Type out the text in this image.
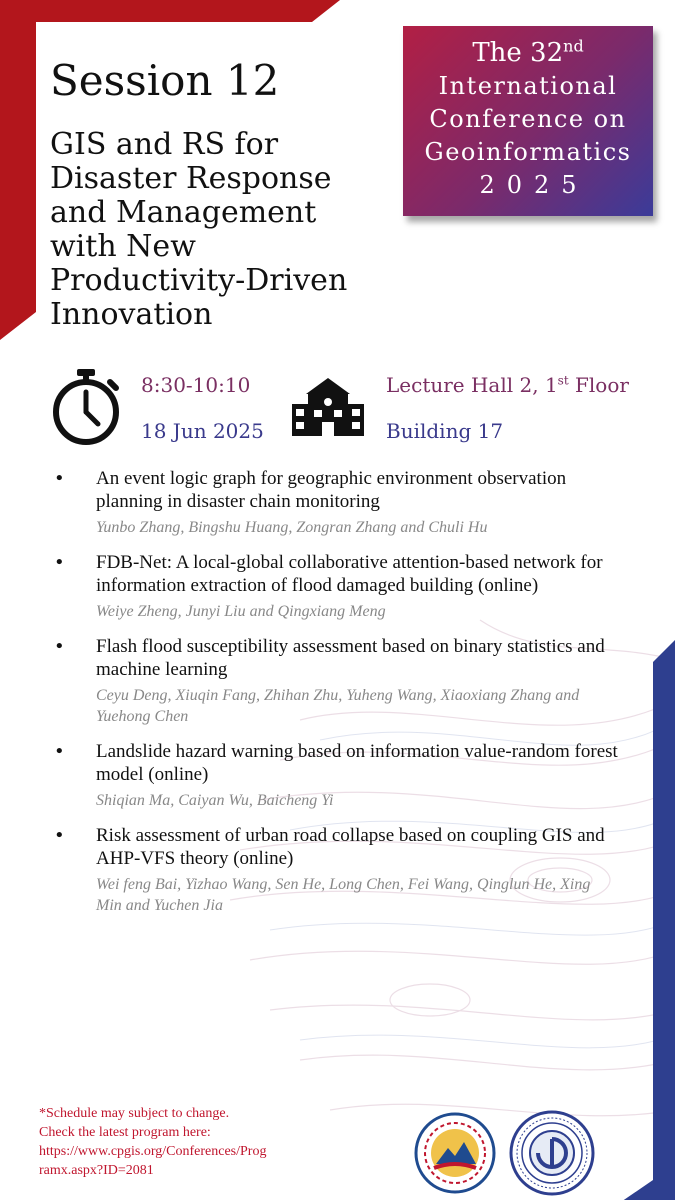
The 32nd
International
Conference on
Geoinformatics
2025
Session 12
GIS and RS for Disaster Response and Management with New Productivity-Driven Innovation
8:30-10:10
18 Jun 2025
Lecture Hall 2, 1st Floor
Building 17
• An event logic graph for geographic environment observation planning in disaster chain monitoring
Yunbo Zhang, Bingshu Huang, Zongran Zhang and Chuli Hu
• FDB-Net: A local-global collaborative attention-based network for information extraction of flood damaged building (online)
Weiye Zheng, Junyi Liu and Qingxiang Meng
• Flash flood susceptibility assessment based on binary statistics and machine learning
Ceyu Deng, Xiuqin Fang, Zhihan Zhu, Yuheng Wang, Xiaoxiang Zhang and Yuehong Chen
• Landslide hazard warning based on information value-random forest model (online)
Shiqian Ma, Caiyan Wu, Baicheng Yi
• Risk assessment of urban road collapse based on coupling GIS and AHP-VFS theory (online)
Wei feng Bai, Yizhao Wang, Sen He, Long Chen, Fei Wang, Qinglun He, Xing Min and Yuchen Jia
*Schedule may subject to change.
Check the latest program here:
https://www.cpgis.org/Conferences/Prog
ramx.aspx?ID=2081
